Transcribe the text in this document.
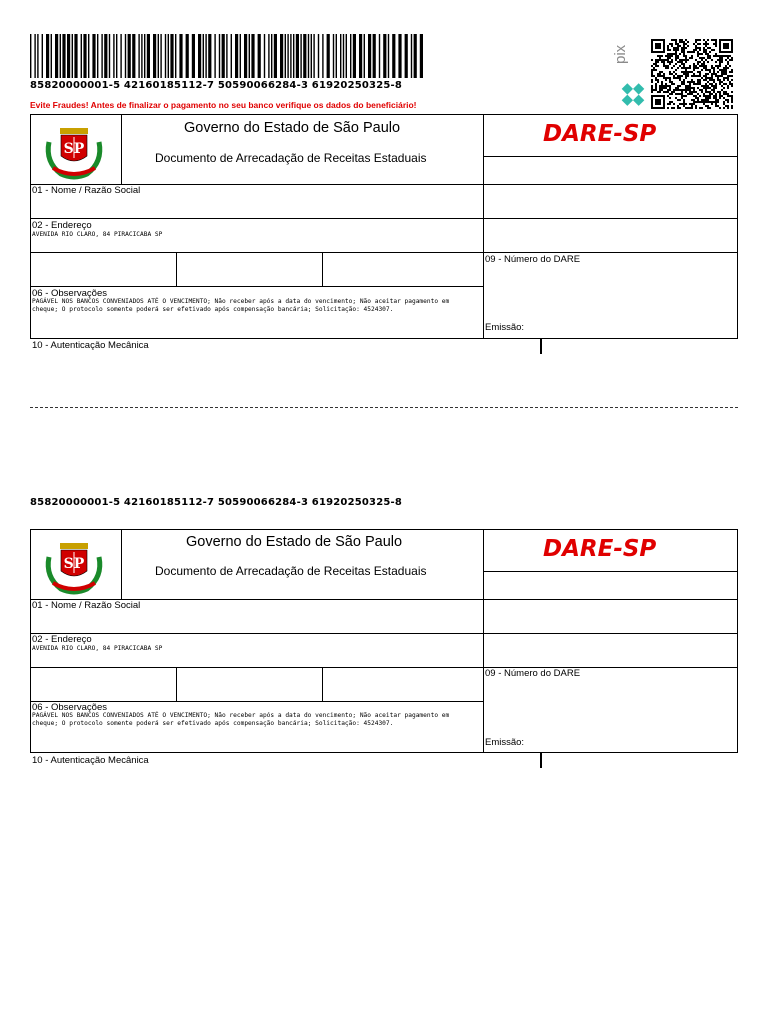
85820000001-5 42160185112-7 50590066284-3 61920250325-8
Evite Fraudes! Antes de finalizar o pagamento no seu banco verifique os dados do beneficiário!
pix
SP
Governo do Estado de São Paulo
Documento de Arrecadação de Receitas Estaduais
DARE-SP
01 - Nome / Razão Social
02 - Endereço
AVENIDA RIO CLARO, 84 PIRACICABA SP
06 - Observações
PAGÁVEL NOS BANCOS CONVENIADOS ATÉ O VENCIMENTO; Não receber após a data do vencimento; Não aceitar pagamento em cheque; O protocolo somente poderá ser efetivado após compensação bancária; Solicitação: 4524307.
09 - Número do DARE
Emissão:
10 - Autenticação Mecânica
85820000001-5 42160185112-7 50590066284-3 61920250325-8
SP
Governo do Estado de São Paulo
Documento de Arrecadação de Receitas Estaduais
DARE-SP
01 - Nome / Razão Social
02 - Endereço
AVENIDA RIO CLARO, 84 PIRACICABA SP
06 - Observações
PAGÁVEL NOS BANCOS CONVENIADOS ATÉ O VENCIMENTO; Não receber após a data do vencimento; Não aceitar pagamento em cheque; O protocolo somente poderá ser efetivado após compensação bancária; Solicitação: 4524307.
09 - Número do DARE
Emissão:
10 - Autenticação Mecânica
